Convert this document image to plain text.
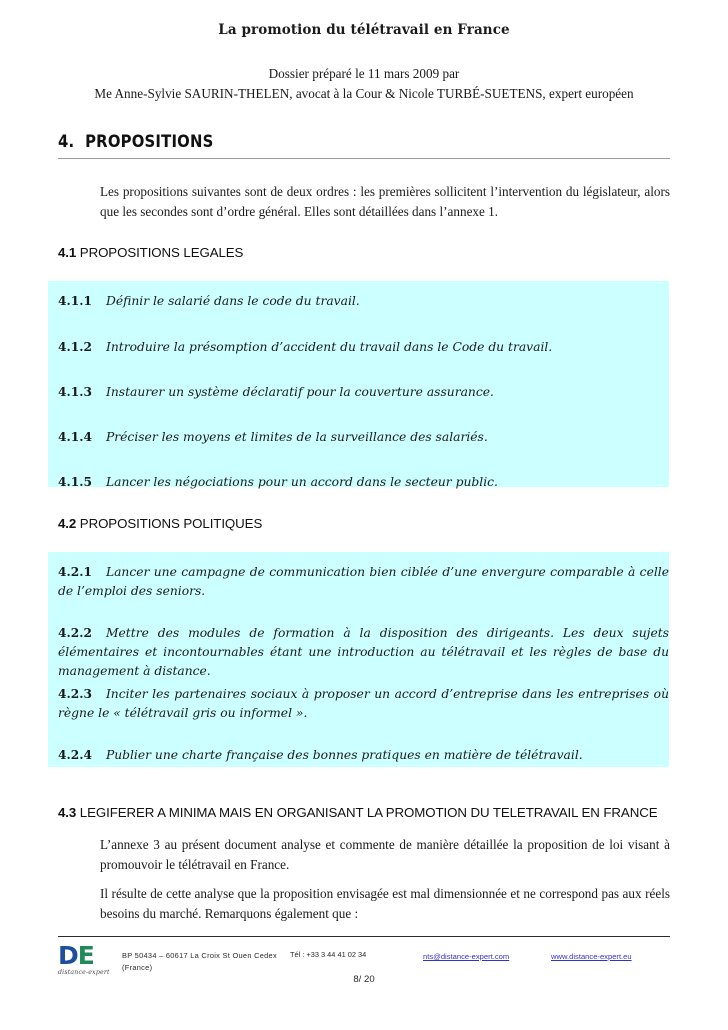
La promotion du télétravail en France
Dossier préparé le 11 mars 2009 par
Me Anne-Sylvie SAURIN-THELEN, avocat à la Cour & Nicole TURBÉ-SUETENS, expert européen
4. PROPOSITIONS
Les propositions suivantes sont de deux ordres : les premières sollicitent l’intervention du législateur, alors que les secondes sont d’ordre général. Elles sont détaillées dans l’annexe 1.
4.1 PROPOSITIONS LEGALES
4.1.1 Définir le salarié dans le code du travail.
4.1.2 Introduire la présomption d’accident du travail dans le Code du travail.
4.1.3 Instaurer un système déclaratif pour la couverture assurance.
4.1.4 Préciser les moyens et limites de la surveillance des salariés.
4.1.5 Lancer les négociations pour un accord dans le secteur public.
4.2 PROPOSITIONS POLITIQUES
4.2.1 Lancer une campagne de communication bien ciblée d’une envergure comparable à celle de l’emploi des seniors.
4.2.2 Mettre des modules de formation à la disposition des dirigeants. Les deux sujets élémentaires et incontournables étant une introduction au télétravail et les règles de base du management à distance.
4.2.3 Inciter les partenaires sociaux à proposer un accord d’entreprise dans les entreprises où règne le « télétravail gris ou informel ».
4.2.4 Publier une charte française des bonnes pratiques en matière de télétravail.
4.3 LEGIFERER A MINIMA MAIS EN ORGANISANT LA PROMOTION DU TELETRAVAIL EN FRANCE
L’annexe 3 au présent document analyse et commente de manière détaillée la proposition de loi visant à promouvoir le télétravail en France.
Il résulte de cette analyse que la proposition envisagée est mal dimensionnée et ne correspond pas aux réels besoins du marché. Remarquons également que :
DE
distance-expert
BP 50434 – 60617 La Croix St Ouen Cedex (France)
Tél : +33 3 44 41 02 34	nts@distance-expert.com	www.distance-expert.eu
8/ 20
